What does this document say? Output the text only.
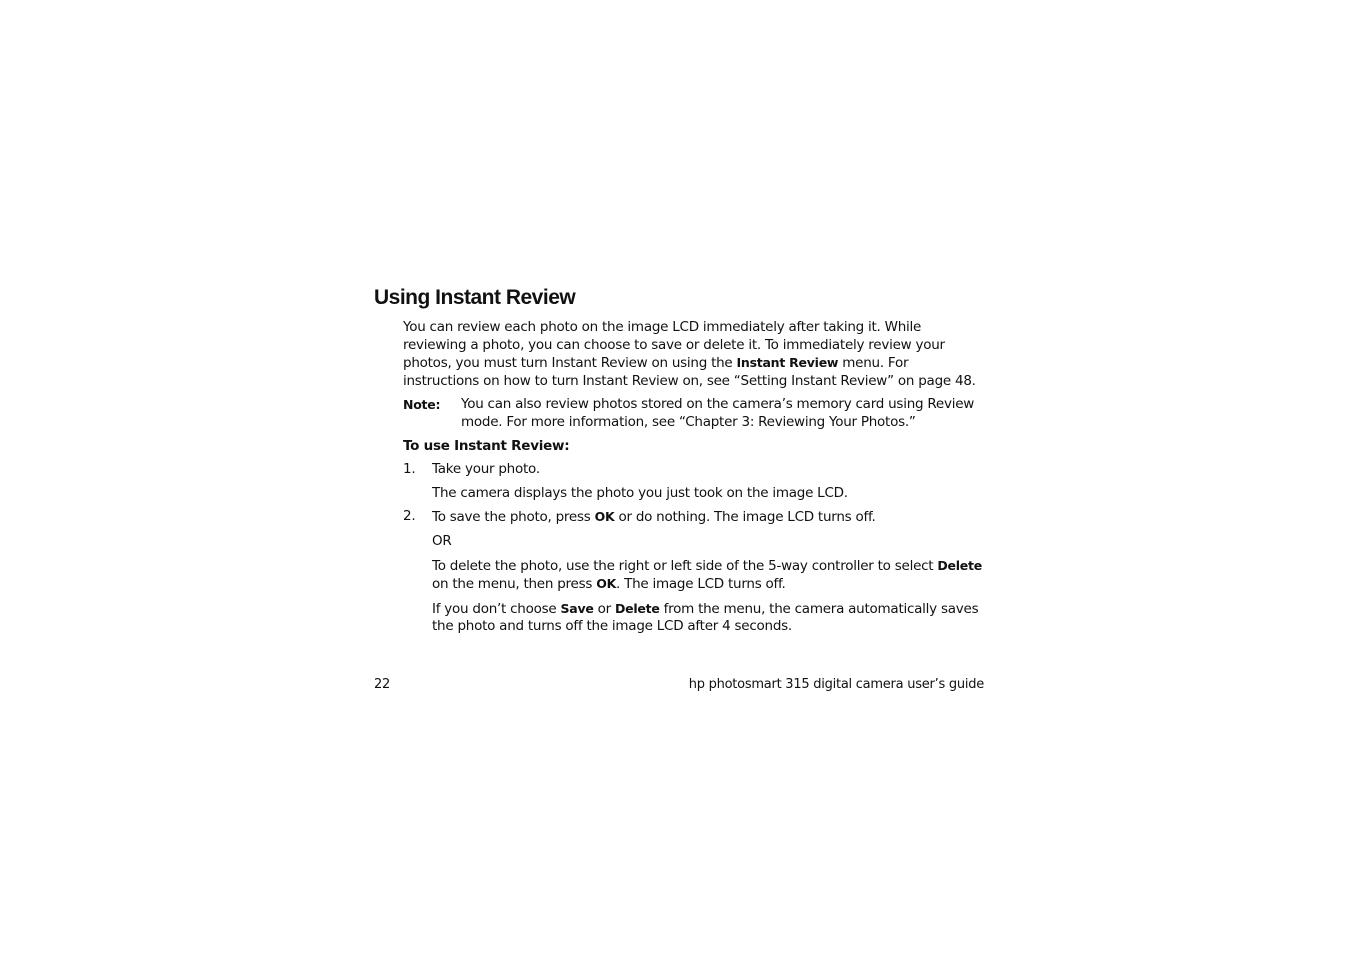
Using Instant Review

You can review each photo on the image LCD immediately after taking it. While reviewing a photo, you can choose to save or delete it. To immediately review your photos, you must turn Instant Review on using the Instant Review menu. For instructions on how to turn Instant Review on, see “Setting Instant Review” on page 48.

Note:	You can also review photos stored on the camera’s memory card using Review mode. For more information, see “Chapter 3: Reviewing Your Photos.”
To use Instant Review:
1.	Take your photo.
The camera displays the photo you just took on the image LCD.
2.	To save the photo, press OK or do nothing. The image LCD turns off.
OR
To delete the photo, use the right or left side of the 5-way controller to select Delete on the menu, then press OK. The image LCD turns off.
If you don’t choose Save or Delete from the menu, the camera automatically saves the photo and turns off the image LCD after 4 seconds.
22	hp photosmart 315 digital camera user’s guide
